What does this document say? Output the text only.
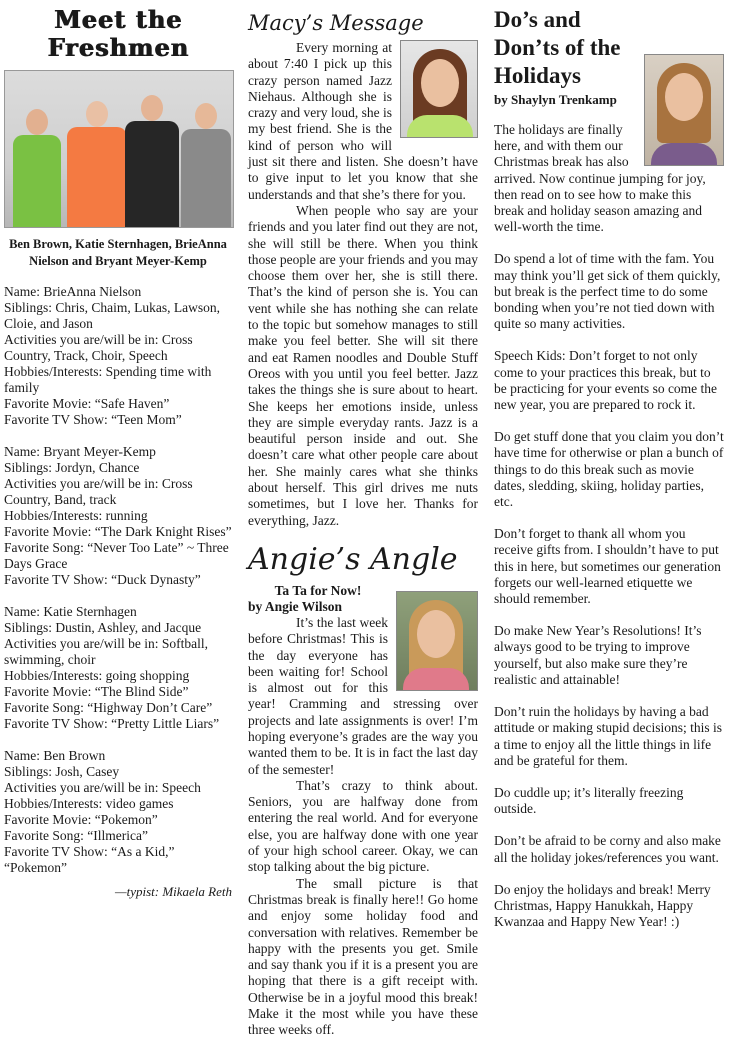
Meet the
Freshmen
Ben Brown, Katie Sternhagen, BrieAnna Nielson and Bryant Meyer-Kemp
Name: BrieAnna Nielson
Siblings: Chris, Chaim, Lukas, Lawson, Cloie, and Jason
Activities you are/will be in: Cross Country, Track, Choir, Speech
Hobbies/Interests: Spending time with family
Favorite Movie: “Safe Haven”
Favorite TV Show: “Teen Mom”
Name: Bryant Meyer-Kemp
Siblings: Jordyn, Chance
Activities you are/will be in: Cross Country, Band, track
Hobbies/Interests: running
Favorite Movie: “The Dark Knight Rises”
Favorite Song: “Never Too Late” ~ Three Days Grace
Favorite TV Show: “Duck Dynasty”
Name: Katie Sternhagen
Siblings: Dustin, Ashley, and Jacque
Activities you are/will be in: Softball, swimming, choir
Hobbies/Interests: going shopping
Favorite Movie: “The Blind Side”
Favorite Song: “Highway Don’t Care”
Favorite TV Show: “Pretty Little Liars”
Name: Ben Brown
Siblings: Josh, Casey
Activities you are/will be in: Speech
Hobbies/Interests: video games
Favorite Movie: “Pokemon”
Favorite Song: “Illmerica”
Favorite TV Show: “As a Kid,” “Pokemon”
—typist: Mikaela Reth
Macy’s Message

Every morning at about 7:40 I pick up this crazy person named Jazz Niehaus. Although she is crazy and very loud, she is my best friend. She is the kind of person who will just sit there and listen. She doesn’t have to give input to let you know that she understands and that she’s there for you.

When people who say are your friends and you later find out they are not, she will still be there. When you think those people are your friends and you may choose them over her, she is still there. That’s the kind of person she is. You can vent while she has nothing she can relate to the topic but somehow manages to still make you feel better. She will sit there and eat Ramen noodles and Double Stuff Oreos with you until you feel better. Jazz takes the things she is sure about to heart. She keeps her emotions inside, unless they are simple everyday rants. Jazz is a beautiful person inside and out. She doesn’t care what other people care about her. She mainly cares what she thinks about herself. This girl drives me nuts sometimes, but I love her. Thanks for everything, Jazz.

Angie’s Angle
Ta Ta for Now!
by Angie Wilson

It’s the last week before Christmas! This is the day everyone has been waiting for! School is almost out for this year! Cramming and stressing over projects and late assignments is over! I’m hoping everyone’s grades are the way you wanted them to be. It is in fact the last day of the semester!

That’s crazy to think about. Seniors, you are halfway done from entering the real world. And for everyone else, you are halfway done with one year of your high school career. Okay, we can stop talking about the big picture.

The small picture is that Christmas break is finally here!! Go home and enjoy some holiday food and conversation with relatives. Remember be happy with the presents you get. Smile and say thank you if it is a present you are hoping that there is a gift receipt with. Otherwise be in a joyful mood this break! Make it the most while you have these three weeks off.

Do’s and Don’ts of the Holidays
by Shaylyn Trenkamp

The holidays are finally here, and with them our Christmas break has also arrived. Now continue jumping for joy, then read on to see how to make this break and holiday season amazing and well-worth the time.

Do spend a lot of time with the fam. You may think you’ll get sick of them quickly, but break is the perfect time to do some bonding when you’re not tied down with quite so many activities.

Speech Kids: Don’t forget to not only come to your practices this break, but to be practicing for your events so come the new year, you are prepared to rock it.

Do get stuff done that you claim you don’t have time for otherwise or plan a bunch of things to do this break such as movie dates, sledding, skiing, holiday parties, etc.

Don’t forget to thank all whom you receive gifts from. I shouldn’t have to put this in here, but sometimes our generation forgets our well-learned etiquette we should remember.

Do make New Year’s Resolutions! It’s always good to be trying to improve yourself, but also make sure they’re realistic and attainable!

Don’t ruin the holidays by having a bad attitude or making stupid decisions; this is a time to enjoy all the little things in life and be grateful for them.

Do cuddle up; it’s literally freezing outside.

Don’t be afraid to be corny and also make all the holiday jokes/references you want.

Do enjoy the holidays and break! Merry Christmas, Happy Hanukkah, Happy Kwanzaa and Happy New Year! :)
